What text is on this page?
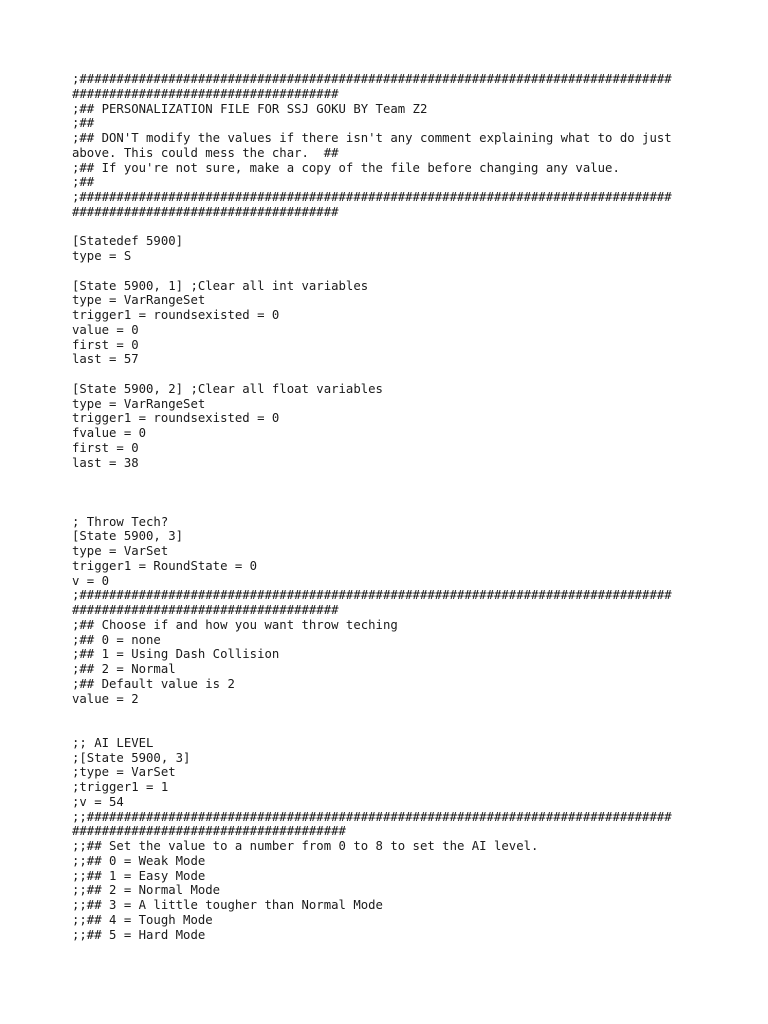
;################################################################################
####################################
;## PERSONALIZATION FILE FOR SSJ GOKU BY Team Z2
;##
;## DON'T modify the values if there isn't any comment explaining what to do just
above. This could mess the char.  ##
;## If you're not sure, make a copy of the file before changing any value.
;##
;################################################################################
####################################
[Statedef 5900]
type = S
[State 5900, 1] ;Clear all int variables
type = VarRangeSet
trigger1 = roundsexisted = 0
value = 0
first = 0
last = 57
[State 5900, 2] ;Clear all float variables
type = VarRangeSet
trigger1 = roundsexisted = 0
fvalue = 0
first = 0
last = 38
; Throw Tech?
[State 5900, 3]
type = VarSet
trigger1 = RoundState = 0
v = 0
;################################################################################
####################################
;## Choose if and how you want throw teching
;## 0 = none
;## 1 = Using Dash Collision
;## 2 = Normal
;## Default value is 2
value = 2
;; AI LEVEL
;[State 5900, 3]
;type = VarSet
;trigger1 = 1
;v = 54
;;###############################################################################
#####################################
;;## Set the value to a number from 0 to 8 to set the AI level.
;;## 0 = Weak Mode
;;## 1 = Easy Mode
;;## 2 = Normal Mode
;;## 3 = A little tougher than Normal Mode
;;## 4 = Tough Mode
;;## 5 = Hard Mode
